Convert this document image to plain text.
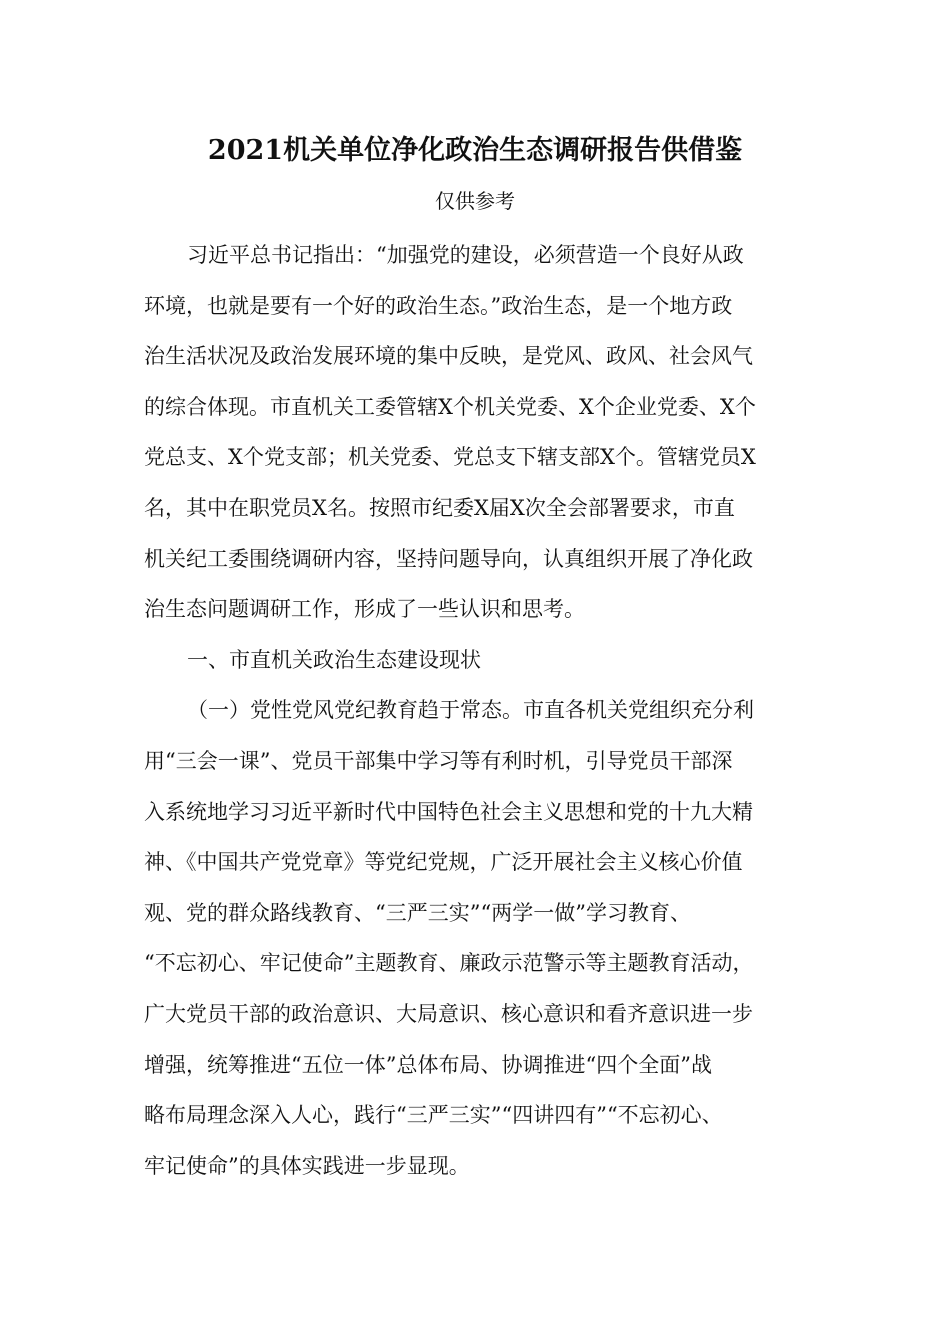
2021机关单位净化政治生态调研报告供借鉴
仅供参考
习近平总书记指出：“加强党的建设，必须营造一个良好从政
环境，也就是要有一个好的政治生态。”政治生态，是一个地方政
治生活状况及政治发展环境的集中反映，是党风、政风、社会风气
的综合体现。市直机关工委管辖X个机关党委、X个企业党委、X个
党总支、X个党支部；机关党委、党总支下辖支部X个。管辖党员X
名，其中在职党员X名。按照市纪委X届X次全会部署要求，市直
机关纪工委围绕调研内容，坚持问题导向，认真组织开展了净化政
治生态问题调研工作，形成了一些认识和思考。
一、市直机关政治生态建设现状
（一）党性党风党纪教育趋于常态。市直各机关党组织充分利
用“三会一课”、党员干部集中学习等有利时机，引导党员干部深
入系统地学习习近平新时代中国特色社会主义思想和党的十九大精
神、《中国共产党党章》等党纪党规，广泛开展社会主义核心价值
观、党的群众路线教育、“三严三实”“两学一做”学习教育、
“不忘初心、牢记使命”主题教育、廉政示范警示等主题教育活动，
广大党员干部的政治意识、大局意识、核心意识和看齐意识进一步
增强，统筹推进“五位一体”总体布局、协调推进“四个全面”战
略布局理念深入人心，践行“三严三实”“四讲四有”“不忘初心、
牢记使命”的具体实践进一步显现。
